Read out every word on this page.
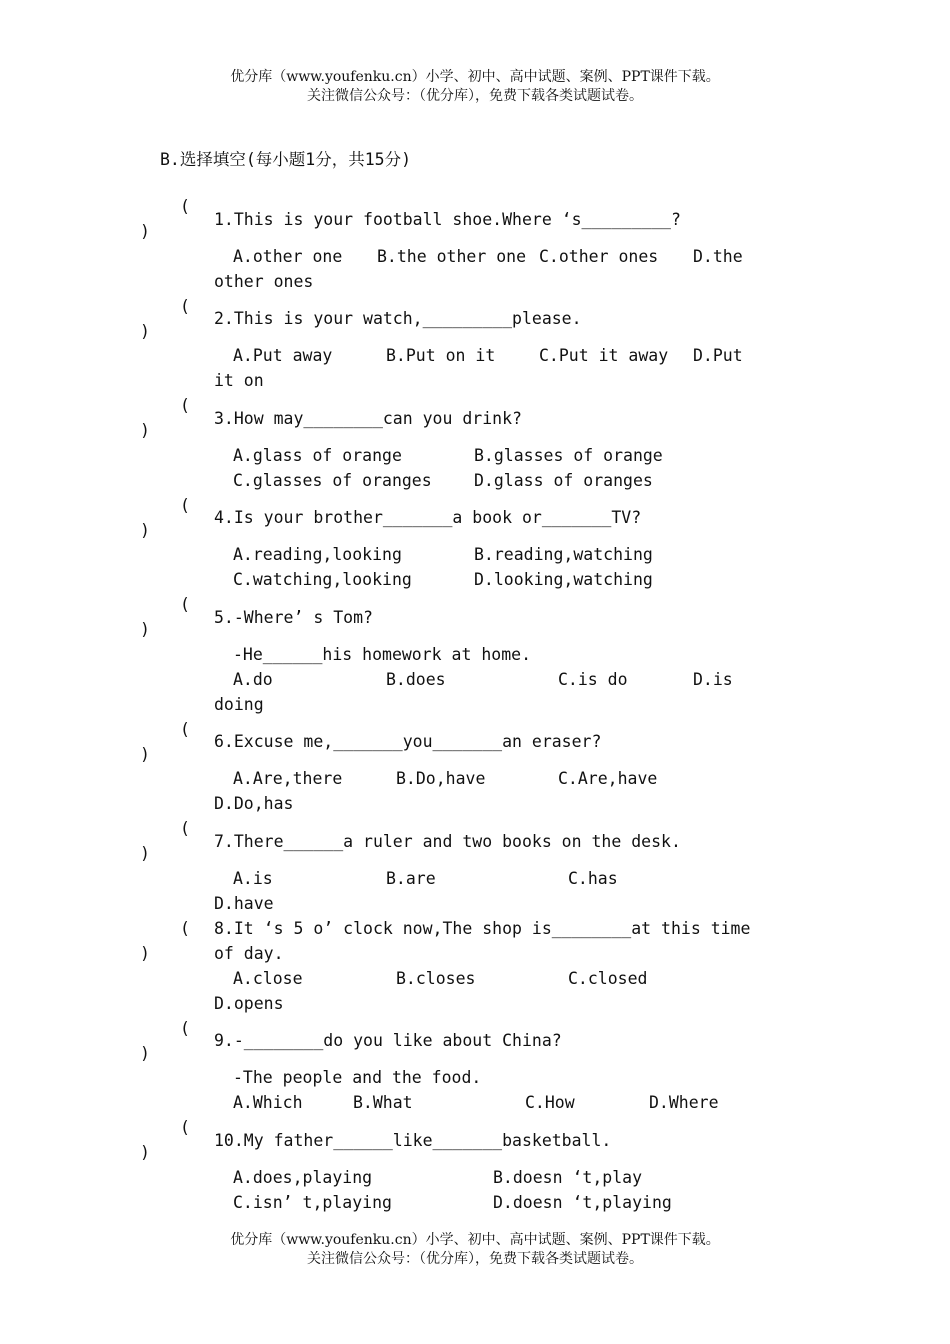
优分库（www.youfenku.cn）小学、初中、高中试题、案例、PPT课件下载。
关注微信公众号：（优分库），免费下载各类试题试卷。
B.选择填空(每小题1分，共15分)
(
)
1.This is your football shoe.Where ‘s_________?
A.other one B.the other one C.other ones D.the
other ones
(
)
2.This is your watch,_________please.
A.Put away	B.Put on it	C.Put it away D.Put
it on
(
)
3.How may________can you drink?
A.glass of orange	B.glasses of orange
C.glasses of oranges	D.glass of oranges
(
)
4.Is your brother_______a book or_______TV?
A.reading,looking	B.reading,watching
C.watching,looking	D.looking,watching
(
)
5.-Where’ s Tom?
-He______his homework at home.
A.do	B.does	C.is do	D.is
doing
(
)
6.Excuse me,_______you_______an eraser?
A.Are,there	B.Do,have	C.Are,have
D.Do,has
(
)
7.There______a ruler and two books on the desk.
A.is	B.are	C.has
D.have
(
)
8.It ‘s 5 o’ clock now,The shop is________at this time
of day.
A.close	B.closes	C.closed
D.opens
(
)
9.-________do you like about China?
-The people and the food.
A.Which	B.What	C.How	D.Where
(
)
10.My father______like_______basketball.
A.does,playing	B.doesn ‘t,play
C.isn’ t,playing	D.doesn ‘t,playing
优分库（www.youfenku.cn）小学、初中、高中试题、案例、PPT课件下载。
关注微信公众号：（优分库），免费下载各类试题试卷。
